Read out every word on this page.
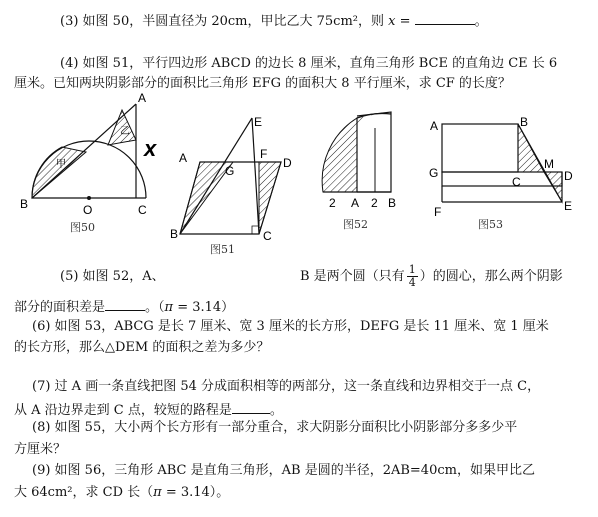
(3) 如图 50，半圆直径为 20cm，甲比乙大 75cm²，则 x =	。
(4) 如图 51，平行四边形 ABCD 的边长 8 厘米，直角三角形 BCE 的直角边 CE 长 6
厘米。已知两块阴影部分的面积比三角形 EFG 的面积大 8 平行厘米，求 CF 的长度？
A
B	O	C
x
甲
乙
图50
E
A
G
F
D
B	C
图51
2 A 2 B
图52
A	B
G
C
M
D
F	E
图53
(5) 如图 52，A、	B 是两个圆（只有 $\frac{1}{4}$ ）的圆心，那么两个阴影
部分的面积差是	。（π = 3.14）
(6) 如图 53，ABCG 是长 7 厘米、宽 3 厘米的长方形，DEFG 是长 11 厘米、宽 1 厘米
的长方形，那么△DEM 的面积之差为多少？
(7) 过 A 画一条直线把图 54 分成面积相等的两部分，这一条直线和边界相交于一点 C，
从 A 沿边界走到 C 点，较短的路程是	。
(8) 如图 55，大小两个长方形有一部分重合，求大阴影分面积比小阴影部分多多少平
方厘米？
(9) 如图 56，三角形 ABC 是直角三角形，AB 是圆的半径，2AB=40cm，如果甲比乙
大 64cm²，求 CD 长（π = 3.14）。
